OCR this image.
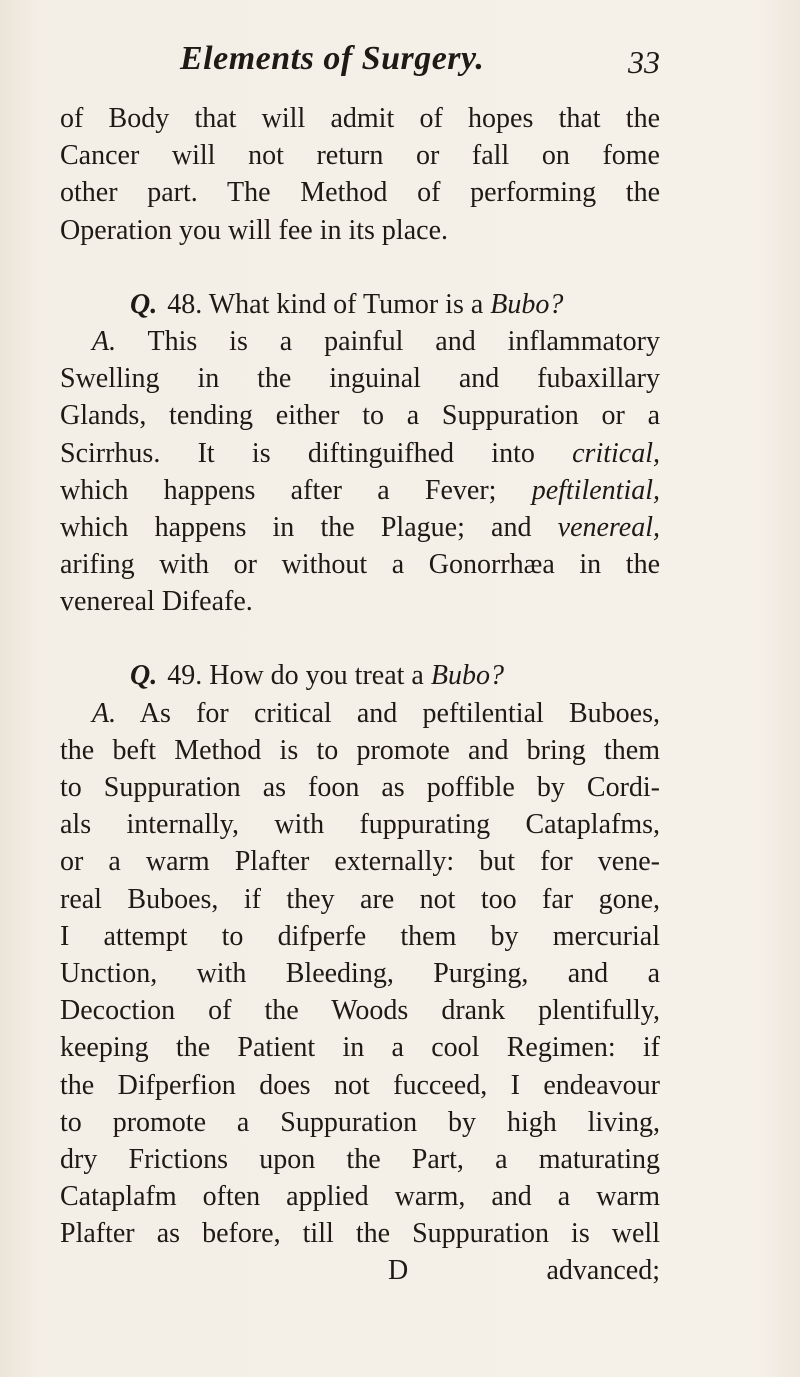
Elements of Surgery.	33
of Body that will admit of hopes that the
Cancer will not return or fall on fome
other part. The Method of performing the
Operation you will fee in its place.
Q. 48. What kind of Tumor is a Bubo?
A. This is a painful and inflammatory
Swelling in the inguinal and fubaxillary
Glands, tending either to a Suppuration or a
Scirrhus. It is diftinguifhed into critical,
which happens after a Fever; peftilential,
which happens in the Plague; and venereal,
arifing with or without a Gonorrhæa in the
venereal Difeafe.
Q. 49. How do you treat a Bubo?
A. As for critical and peftilential Buboes,
the beft Method is to promote and bring them
to Suppuration as foon as poffible by Cordi-
als internally, with fuppurating Cataplafms,
or a warm Plafter externally: but for vene-
real Buboes, if they are not too far gone,
I attempt to difperfe them by mercurial
Unction, with Bleeding, Purging, and a
Decoction of the Woods drank plentifully,
keeping the Patient in a cool Regimen: if
the Difperfion does not fucceed, I endeavour
to promote a Suppuration by high living,
dry Frictions upon the Part, a maturating
Cataplafm often applied warm, and a warm
Plafter as before, till the Suppuration is well
D	advanced;
